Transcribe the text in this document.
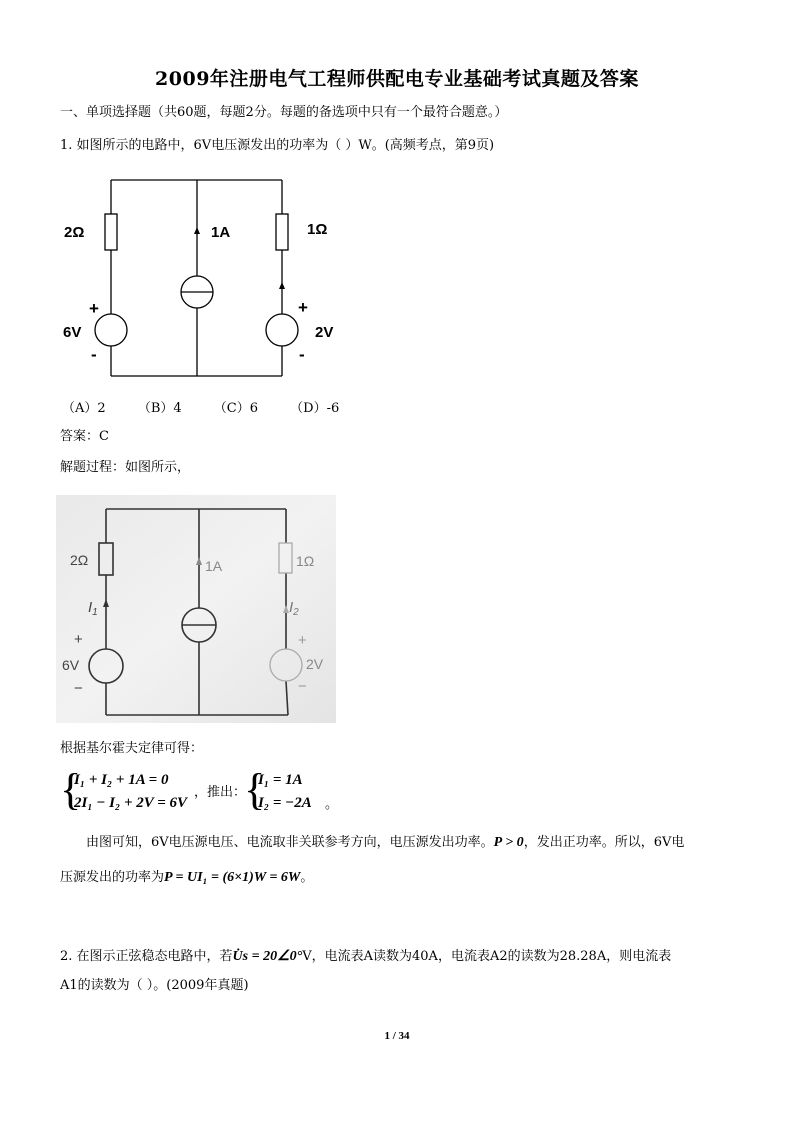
2009年注册电气工程师供配电专业基础考试真题及答案
一、单项选择题（共60题，每题2分。每题的备选项中只有一个最符合题意。）
1. 如图所示的电路中，6V电压源发出的功率为（ ）W。(高频考点，第9页)
2Ω	1Ω
1A
+
6V
-
+
2V
-
（A）2 （B）4 （C）6 （D）-6
答案：C
解题过程：如图所示，
2Ω	1Ω
1A
$I_1$	$I_2$
+
6V
−
+
2V
−
根据基尔霍夫定律可得：
{
I₁ + I₂ + 1A = 0
2I₁ − I₂ + 2V = 6V
，推出：
{
I₁ = 1A
I₂ = −2A 。
由图可知，6V电压源电压、电流取非关联参考方向，电压源发出功率。P > 0，发出正功率。所以，6V电
压源发出的功率为P = UI₁ = (6×1)W = 6W。
2. 在图示正弦稳态电路中，若U̇s = 20∠0°V，电流表A读数为40A，电流表A2的读数为28.28A，则电流表
A1的读数为（ ）。(2009年真题)
1 / 34
